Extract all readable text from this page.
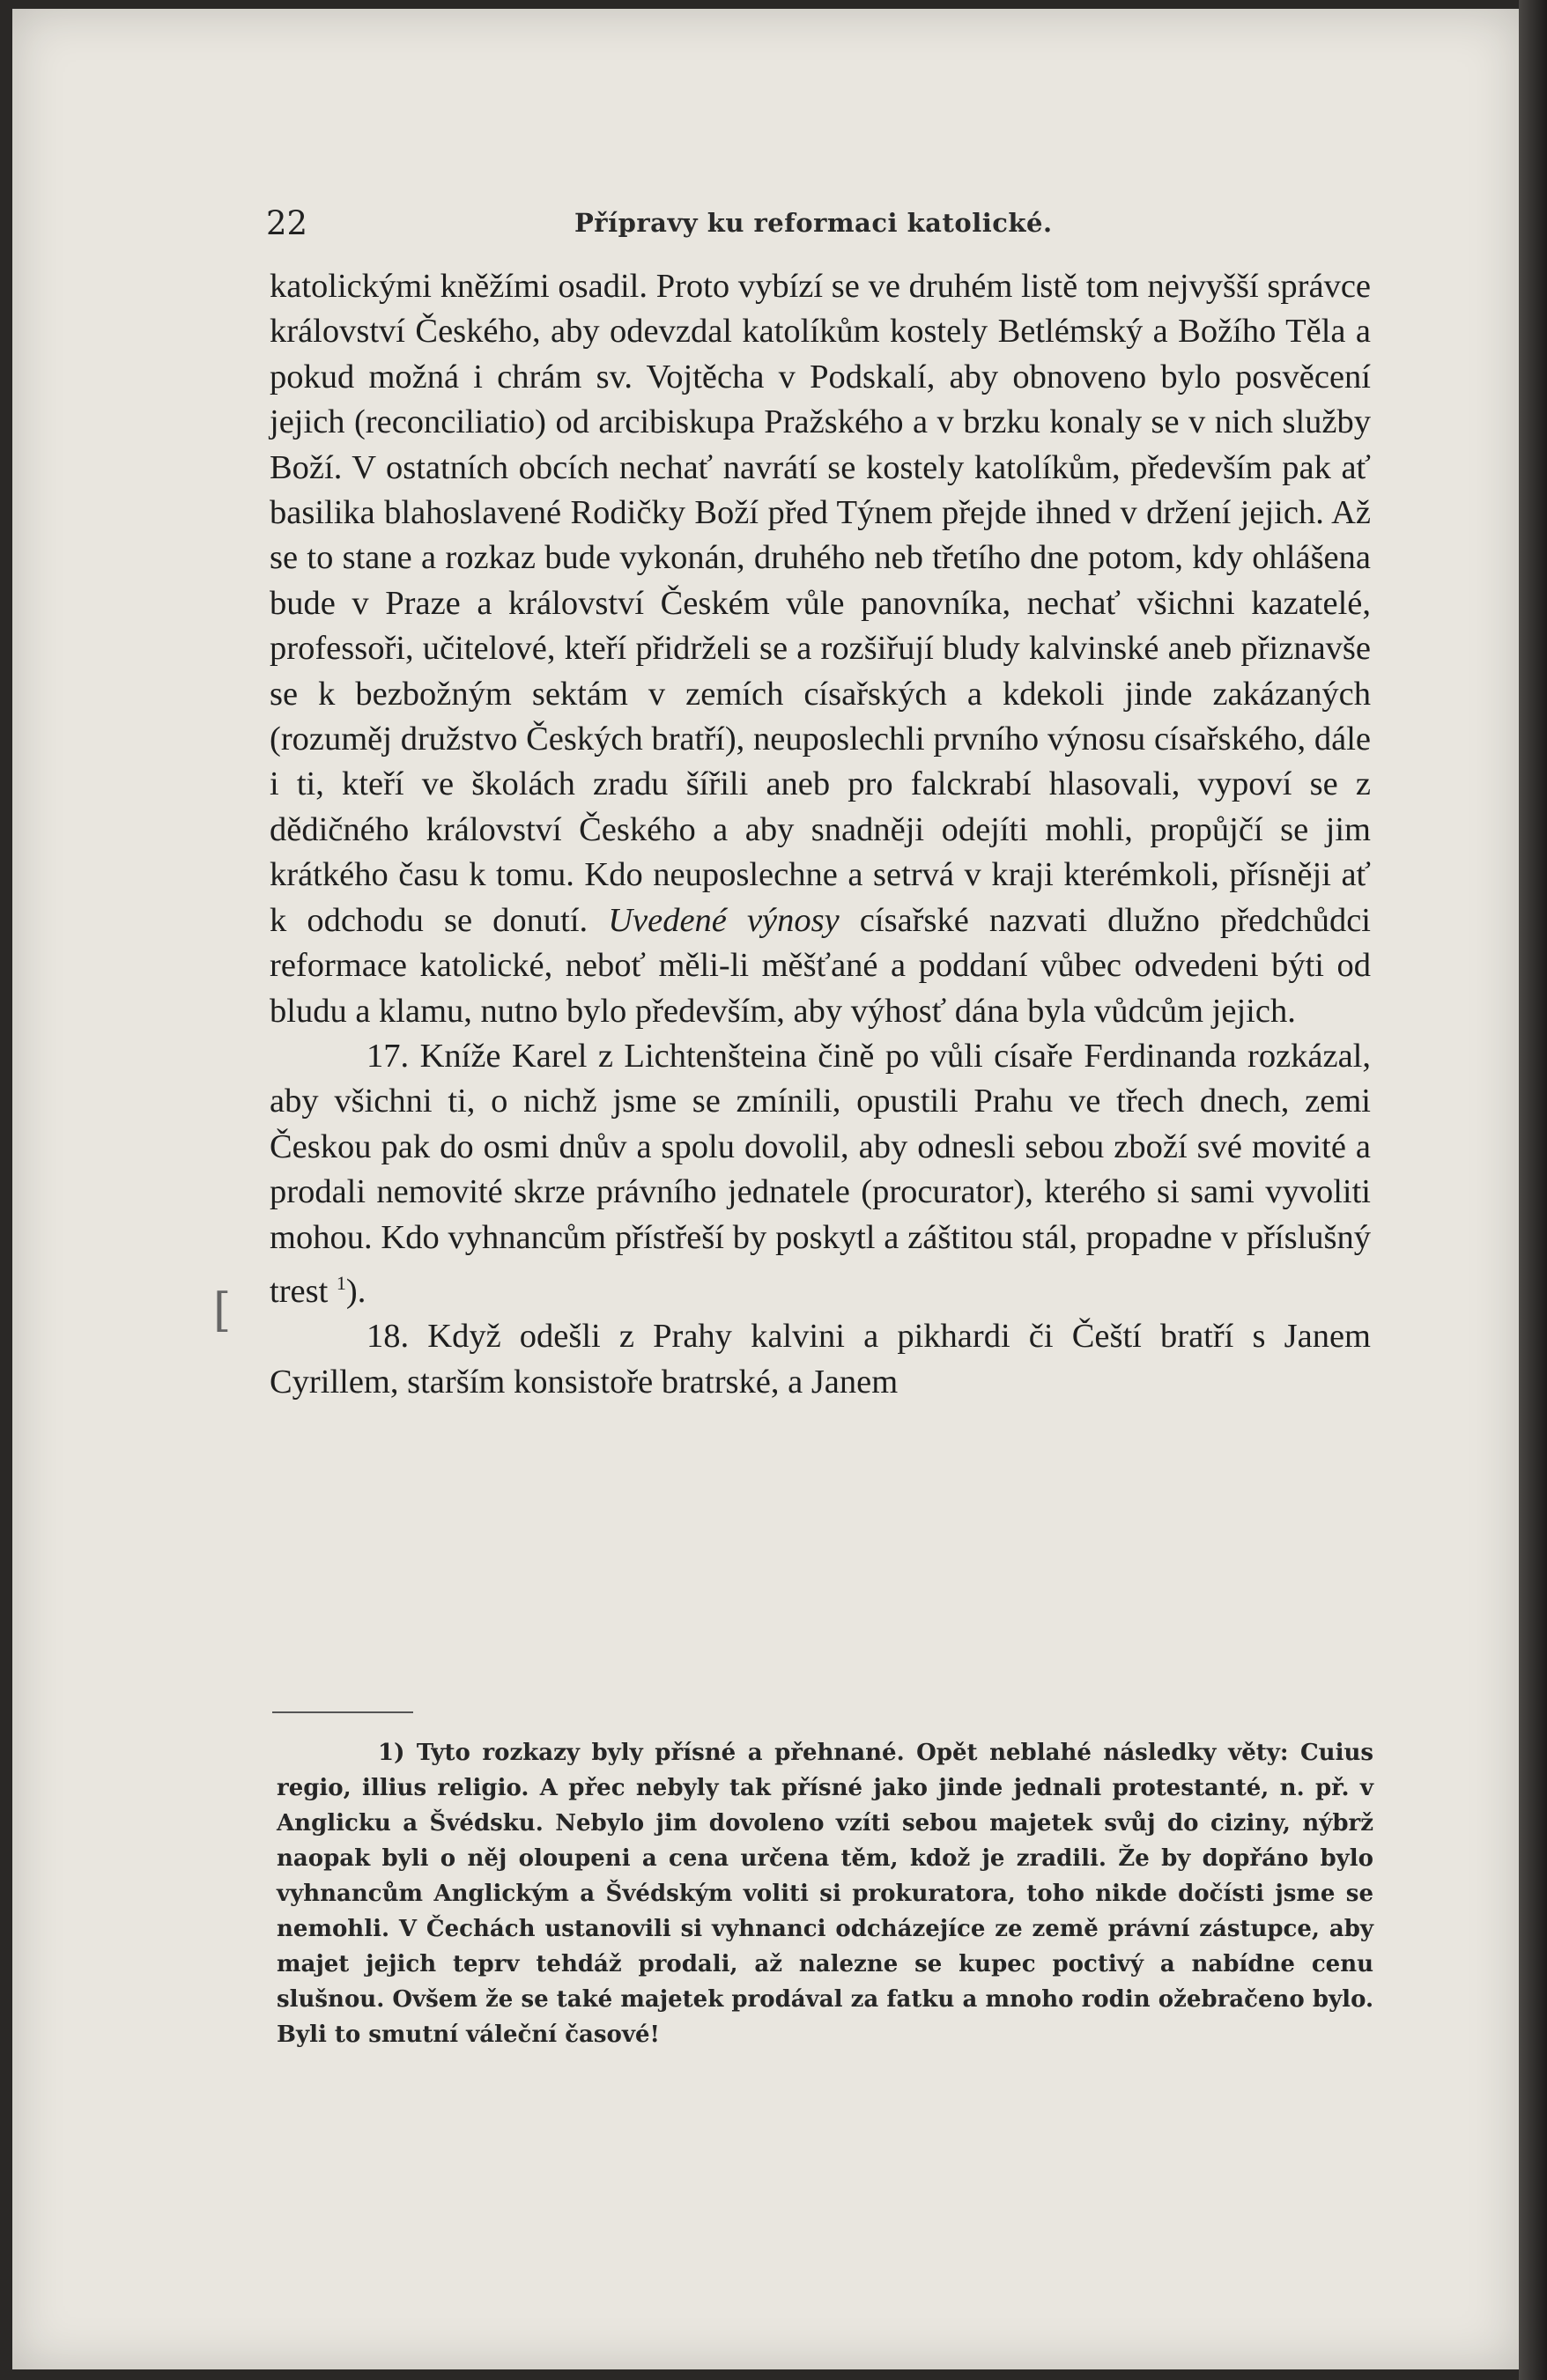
22	Přípravy ku reformaci katolické.
[

katolickými kněžími osadil. Proto vybízí se ve druhém listě tom nejvyšší správce království Českého, aby odevzdal katolíkům kostely Betlémský a Božího Těla a pokud možná i chrám sv. Vojtěcha v Podskalí, aby obnoveno bylo posvěcení jejich (reconciliatio) od arcibiskupa Pražského a v brzku konaly se v nich služby Boží. V ostatních obcích nechať navrátí se kostely katolíkům, především pak ať basilika blahoslavené Rodičky Boží před Týnem přejde ihned v držení jejich. Až se to stane a rozkaz bude vykonán, druhého neb třetího dne potom, kdy ohlášena bude v Praze a království Českém vůle panovníka, nechať všichni kazatelé, professoři, učitelové, kteří přidrželi se a rozšiřují bludy kalvinské aneb přiznavše se k bezbožným sektám v zemích císařských a kdekoli jinde zakázaných (rozuměj družstvo Českých bratří), neuposlechli prvního výnosu císařského, dále i ti, kteří ve školách zradu šířili aneb pro falckrabí hlasovali, vypoví se z dědičného království Českého a aby snadněji odejíti mohli, propůjčí se jim krátkého času k tomu. Kdo neuposlechne a setrvá v kraji kterémkoli, přísněji ať k odchodu se donutí. Uvedené výnosy císařské nazvati dlužno předchůdci reformace katolické, neboť měli-li měšťané a poddaní vůbec odvedeni býti od bludu a klamu, nutno bylo především, aby výhosť dána byla vůdcům jejich.

17. Kníže Karel z Lichtenšteina čině po vůli císaře Ferdinanda rozkázal, aby všichni ti, o nichž jsme se zmínili, opustili Prahu ve třech dnech, zemi Českou pak do osmi dnův a spolu dovolil, aby odnesli sebou zboží své movité a prodali nemovité skrze právního jednatele (procurator), kterého si sami vyvoliti mohou. Kdo vyhnancům přístřeší by poskytl a záštitou stál, propadne v příslušný trest $^1$).

18. Když odešli z Prahy kalvini a pikhardi či Čeští bratří s Janem Cyrillem, starším konsistoře bratrské, a Janem

1) Tyto rozkazy byly přísné a přehnané. Opět neblahé následky věty: Cuius regio, illius religio. A přec nebyly tak přísné jako jinde jednali protestanté, n. př. v Anglicku a Švédsku. Nebylo jim dovoleno vzíti sebou majetek svůj do ciziny, nýbrž naopak byli o něj oloupeni a cena určena těm, kdož je zradili. Že by dopřáno bylo vyhnancům Anglickým a Švédským voliti si prokuratora, toho nikde dočísti jsme se nemohli. V Čechách ustanovili si vyhnanci odcházejíce ze země právní zástupce, aby majet jejich teprv tehdáž prodali, až nalezne se kupec poctivý a nabídne cenu slušnou. Ovšem že se také majetek prodával za fatku a mnoho rodin ožebračeno bylo. Byli to smutní váleční časové!
